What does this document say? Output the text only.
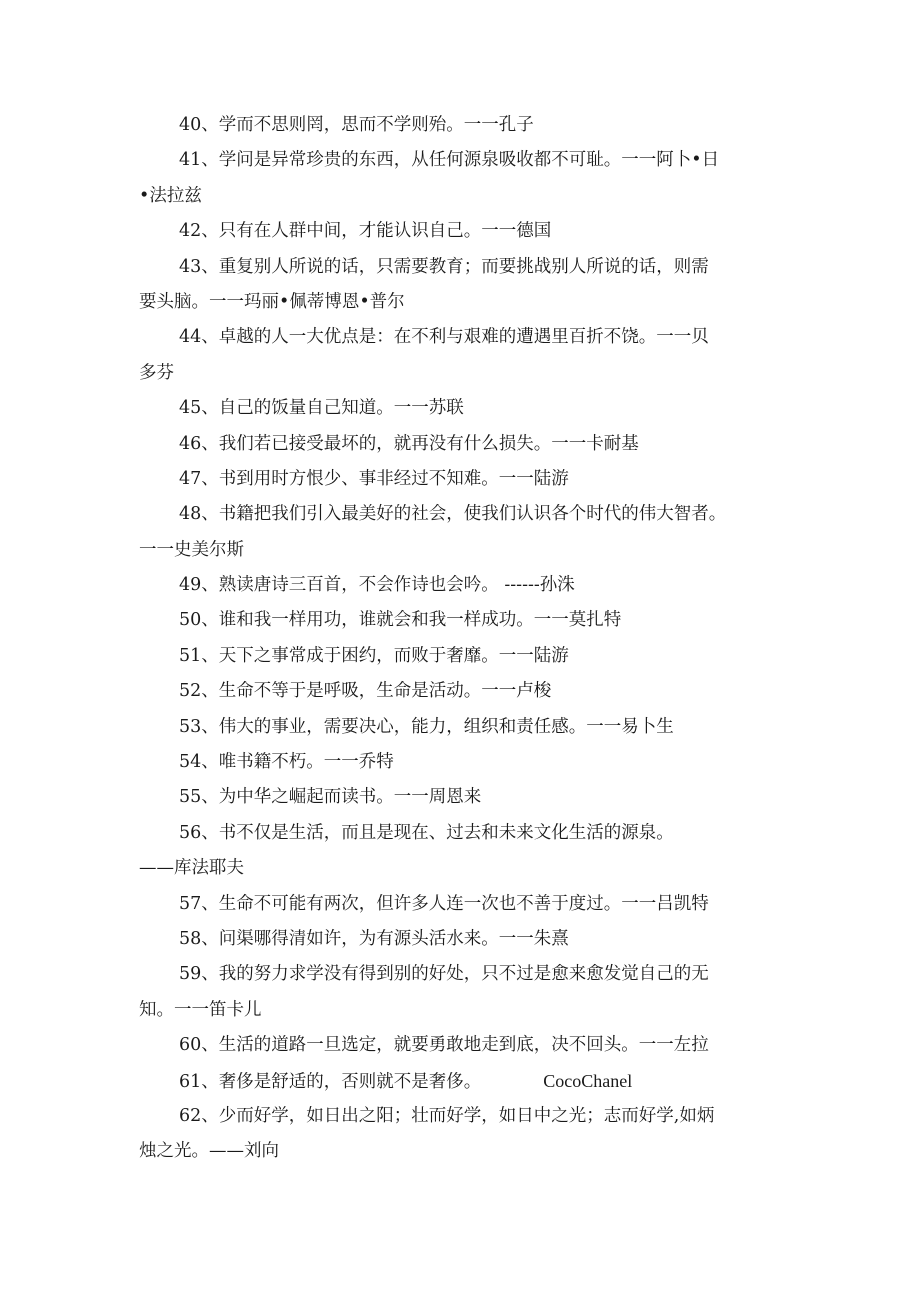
40、学而不思则罔，思而不学则殆。一一孔子
41、学问是异常珍贵的东西，从任何源泉吸收都不可耻。一一阿卜•日
•法拉兹
42、只有在人群中间，才能认识自己。一一德国
43、重复别人所说的话，只需要教育；而要挑战别人所说的话，则需
要头脑。一一玛丽•佩蒂博恩•普尔
44、卓越的人一大优点是：在不利与艰难的遭遇里百折不饶。一一贝
多芬
45、自己的饭量自己知道。一一苏联
46、我们若已接受最坏的，就再没有什么损失。一一卡耐基
47、书到用时方恨少、事非经过不知难。一一陆游
48、书籍把我们引入最美好的社会，使我们认识各个时代的伟大智者。
一一史美尔斯
49、熟读唐诗三百首，不会作诗也会吟。 ------孙洙
50、谁和我一样用功，谁就会和我一样成功。一一莫扎特
51、天下之事常成于困约，而败于奢靡。一一陆游
52、生命不等于是呼吸，生命是活动。一一卢梭
53、伟大的事业，需要决心，能力，组织和责任感。一一易卜生
54、唯书籍不朽。一一乔特
55、为中华之崛起而读书。一一周恩来
56、书不仅是生活，而且是现在、过去和未来文化生活的源泉。
——库法耶夫
57、生命不可能有两次，但许多人连一次也不善于度过。一一吕凯特
58、问渠哪得清如许，为有源头活水来。一一朱熹
59、我的努力求学没有得到别的好处，只不过是愈来愈发觉自己的无
知。一一笛卡儿
60、生活的道路一旦选定，就要勇敢地走到底，决不回头。一一左拉
61、奢侈是舒适的，否则就不是奢侈。	CocoChanel
62、少而好学，如日出之阳；壮而好学，如日中之光；志而好学,如炳
烛之光。——刘向
